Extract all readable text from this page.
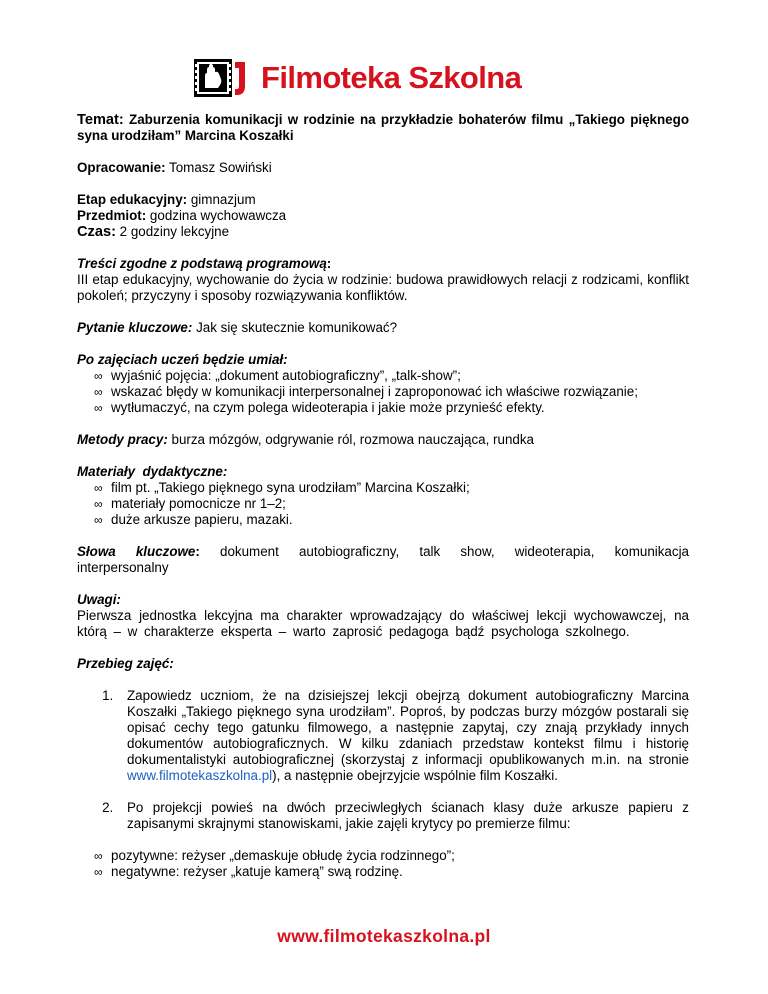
Filmoteka Szkolna

Temat: Zaburzenia komunikacji w rodzinie na przykładzie bohaterów filmu „Takiego pięknego syna urodziłam” Marcina Koszałki

Opracowanie: Tomasz Sowiński

Etap edukacyjny: gimnazjum

Przedmiot: godzina wychowawcza

Czas: 2 godziny lekcyjne

Treści zgodne z podstawą programową:

III etap edukacyjny, wychowanie do życia w rodzinie: budowa prawidłowych relacji z rodzicami, konflikt pokoleń; przyczyny i sposoby rozwiązywania konfliktów.

Pytanie kluczowe: Jak się skutecznie komunikować?

Po zajęciach uczeń będzie umiał:

∞ wyjaśnić pojęcia: „dokument autobiograficzny”, „talk-show”;
∞ wskazać błędy w komunikacji interpersonalnej i zaproponować ich właściwe rozwiązanie;
∞ wytłumaczyć, na czym polega wideoterapia i jakie może przynieść efekty.

Metody pracy: burza mózgów, odgrywanie ról, rozmowa nauczająca, rundka

Materiały  dydaktyczne:

∞ film pt. „Takiego pięknego syna urodziłam” Marcina Koszałki;
∞ materiały pomocnicze nr 1–2;
∞ duże arkusze papieru, mazaki.

Słowa kluczowe: dokument autobiograficzny, talk show, wideoterapia, komunikacja interpersonalny

Uwagi:

Pierwsza jednostka lekcyjna ma charakter wprowadzający do właściwej lekcji wychowawczej, na którą – w charakterze eksperta – warto zaprosić pedagoga bądź psychologa szkolnego.

Przebieg zajęć:

1. Zapowiedz uczniom, że na dzisiejszej lekcji obejrzą dokument autobiograficzny Marcina Koszałki „Takiego pięknego syna urodziłam”. Poproś, by podczas burzy mózgów postarali się opisać cechy tego gatunku filmowego, a następnie zapytaj, czy znają przykłady innych dokumentów autobiograficznych. W kilku zdaniach przedstaw kontekst filmu i historię dokumentalistyki autobiograficznej (skorzystaj z informacji opublikowanych m.in. na stronie www.filmotekaszkolna.pl), a następnie obejrzyjcie wspólnie film Koszałki.
2. Po projekcji powieś na dwóch przeciwległych ścianach klasy duże arkusze papieru z zapisanymi skrajnymi stanowiskami, jakie zajęli krytycy po premierze filmu:
∞ pozytywne: reżyser „demaskuje obłudę życia rodzinnego”;
∞ negatywne: reżyser „katuje kamerą” swą rodzinę.
www.filmotekaszkolna.pl
